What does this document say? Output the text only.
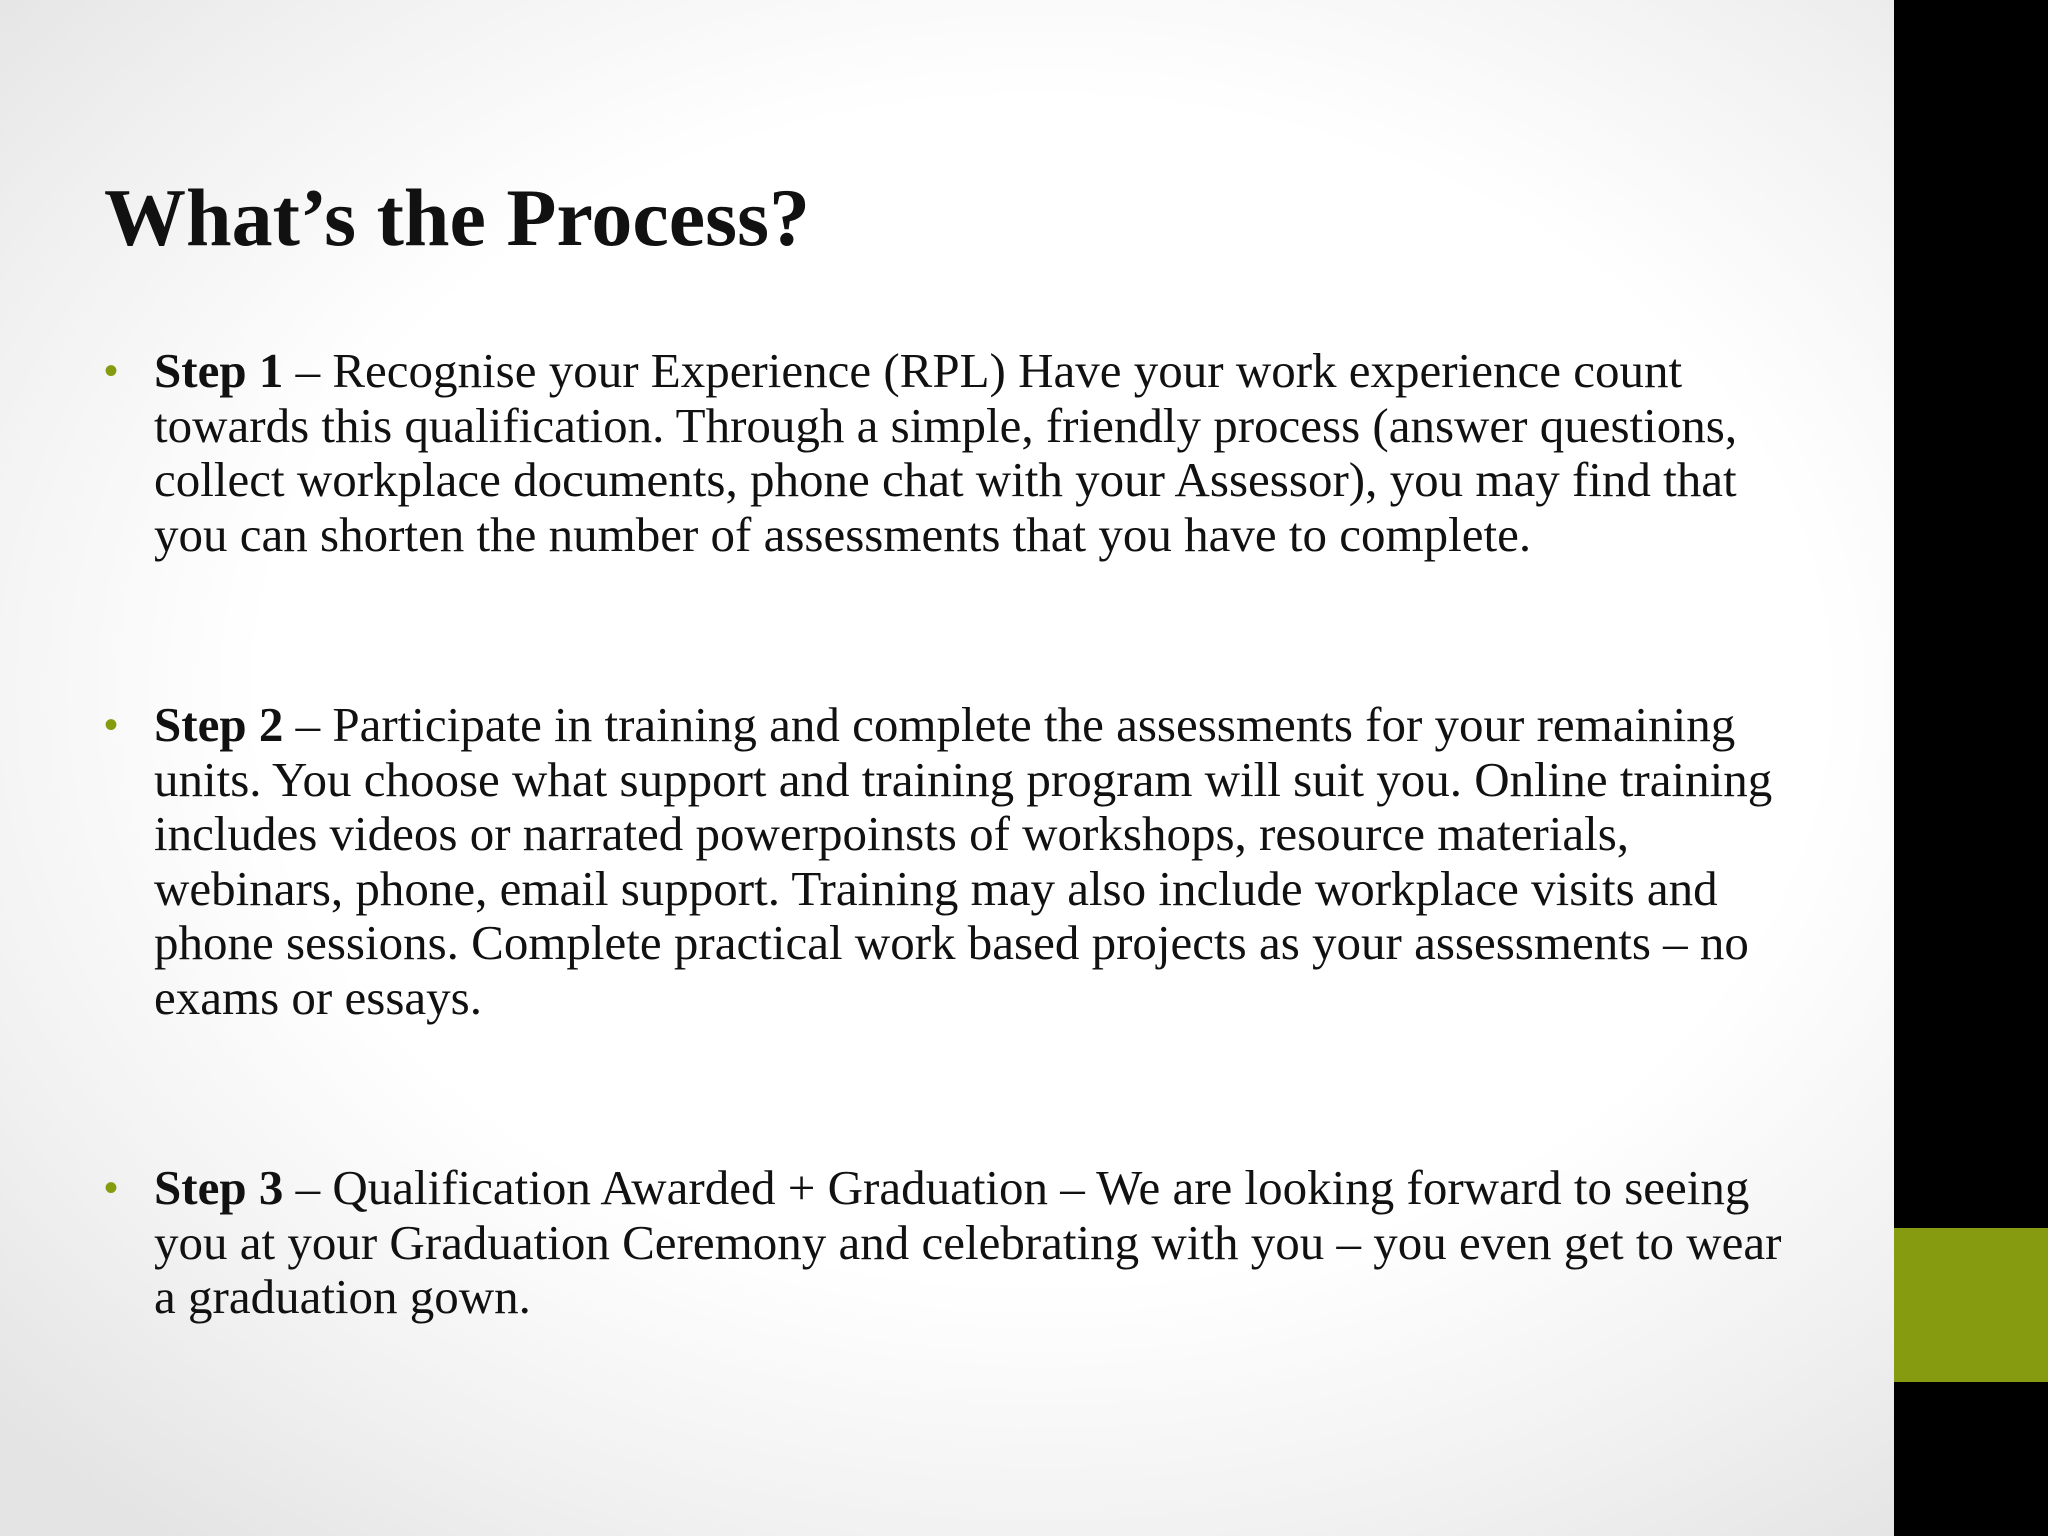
What’s the Process?
• Step 1 – Recognise your Experience (RPL) Have your work experience count towards this qualification. Through a simple, friendly process (answer questions, collect workplace documents, phone chat with your Assessor), you may find that you can shorten the number of assessments that you have to complete.
• Step 2 – Participate in training and complete the assessments for your remaining units. You choose what support and training program will suit you. Online training includes videos or narrated powerpoinsts of workshops, resource materials, webinars, phone, email support. Training may also include workplace visits and phone sessions. Complete practical work based projects as your assessments – no exams or essays.
• Step 3 – Qualification Awarded + Graduation – We are looking forward to seeing you at your Graduation Ceremony and celebrating with you – you even get to wear a graduation gown.
